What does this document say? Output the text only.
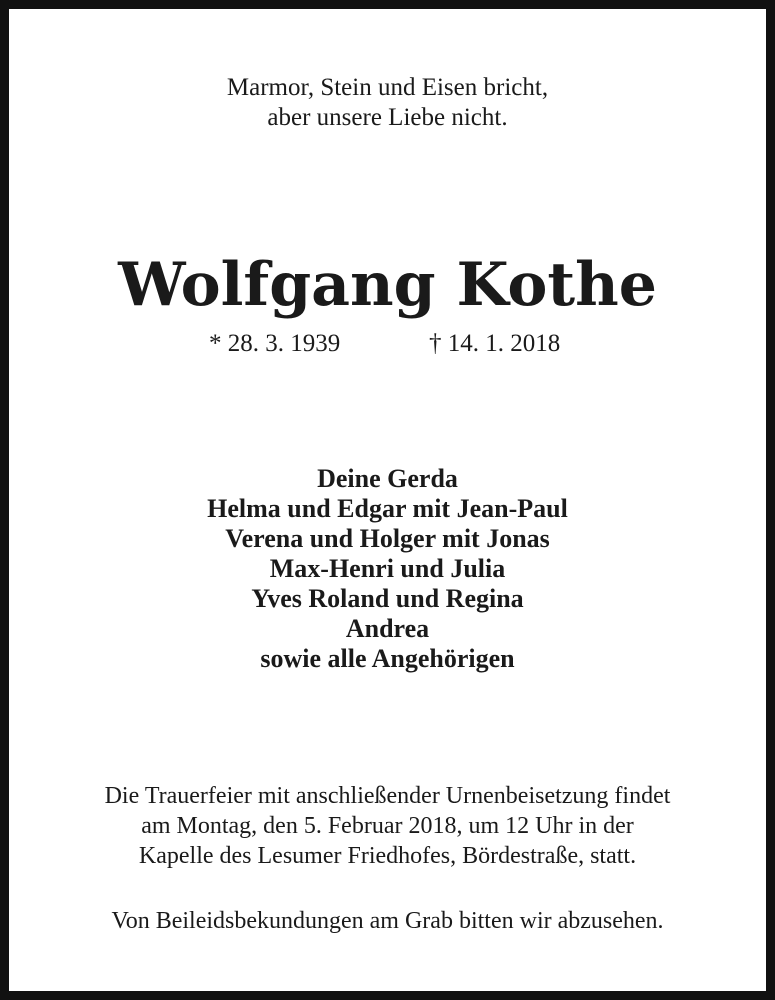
Marmor, Stein und Eisen bricht,
aber unsere Liebe nicht.
Wolfgang Kothe
* 28. 3. 1939	† 14. 1. 2018
Deine Gerda
Helma und Edgar mit Jean-Paul
Verena und Holger mit Jonas
Max-Henri und Julia
Yves Roland und Regina
Andrea
sowie alle Angehörigen
Die Trauerfeier mit anschließender Urnenbeisetzung findet
am Montag, den 5. Februar 2018, um 12 Uhr in der
Kapelle des Lesumer Friedhofes, Bördestraße, statt.
Von Beileidsbekundungen am Grab bitten wir abzusehen.
